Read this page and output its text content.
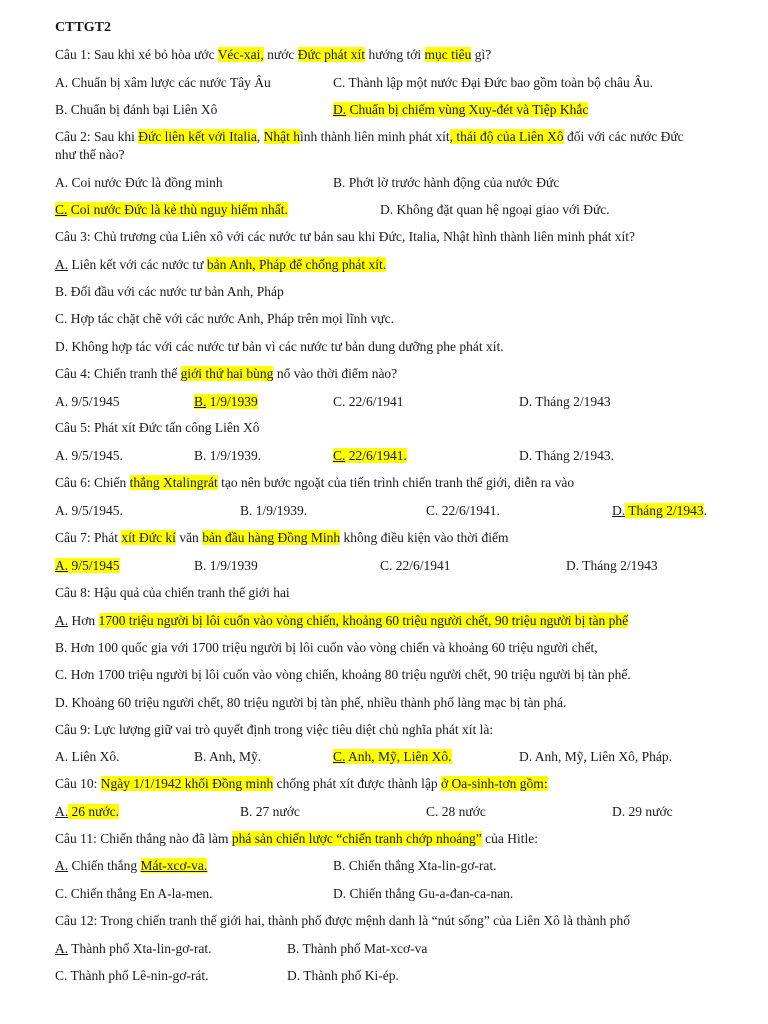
CTTGT2
Câu 1: Sau khi xé bỏ hòa ước Véc-xai, nước Đức phát xít hướng tới mục tiêu gì?
A. Chuẩn bị xâm lược các nước Tây Âu	C. Thành lập một nước Đại Đức bao gồm toàn bộ châu Âu.
B. Chuẩn bị đánh bại Liên Xô	D. Chuẩn bị chiếm vùng Xuy-đét và Tiệp Khắc
Câu 2: Sau khi Đức liên kết với Italia, Nhật hình thành liên minh phát xít, thái độ của Liên Xô đối với các nước Đức
như thế nào?
A. Coi nước Đức là đồng minh	B. Phớt lờ trước hành động của nước Đức
C. Coi nước Đức là kẻ thù nguy hiểm nhất.	D. Không đặt quan hệ ngoại giao với Đức.
Câu 3: Chủ trương của Liên xô với các nước tư bản sau khi Đức, Italia, Nhật hình thành liên minh phát xít?
A. Liên kết với các nước tư bản Anh, Pháp để chống phát xít.
B. Đối đầu với các nước tư bản Anh, Pháp
C. Hợp tác chặt chẽ với các nước Anh, Pháp trên mọi lĩnh vực.
D. Không hợp tác với các nước tư bản vì các nước tư bản dung dưỡng phe phát xít.
Câu 4: Chiến tranh thế giới thứ hai bùng nổ vào thời điểm nào?
A. 9/5/1945	B. 1/9/1939	C. 22/6/1941	D. Tháng 2/1943
Câu 5: Phát xít Đức tấn công Liên Xô
A. 9/5/1945.	B. 1/9/1939.	C. 22/6/1941.	D. Tháng 2/1943.
Câu 6: Chiến thắng Xtalingrát tạo nên bước ngoặt của tiến trình chiến tranh thế giới, diễn ra vào
A. 9/5/1945.	B. 1/9/1939.	C. 22/6/1941.	D. Tháng 2/1943.
Câu 7: Phát xít Đức kí văn bản đầu hàng Đồng Minh không điều kiện vào thời điểm
A. 9/5/1945	B. 1/9/1939	C. 22/6/1941	D. Tháng 2/1943
Câu 8: Hậu quả của chiến tranh thế giới hai
A. Hơn 1700 triệu người bị lôi cuốn vào vòng chiến, khoảng 60 triệu người chết, 90 triệu người bị tàn phế
B. Hơn 100 quốc gia với 1700 triệu người bị lôi cuốn vào vòng chiến và khoảng 60 triệu người chết,
C. Hơn 1700 triệu người bị lôi cuốn vào vòng chiến, khoảng 80 triệu người chết, 90 triệu người bị tàn phế.
D. Khoảng 60 triệu người chết, 80 triệu người bị tàn phế, nhiều thành phố làng mạc bị tàn phá.
Câu 9: Lực lượng giữ vai trò quyết định trong việc tiêu diệt chủ nghĩa phát xít là:
A. Liên Xô.	B. Anh, Mỹ.	C. Anh, Mỹ, Liên Xô.	D. Anh, Mỹ, Liên Xô, Pháp.
Câu 10: Ngày 1/1/1942 khối Đồng minh chống phát xít được thành lập ở Oa-sinh-tơn gồm:
A. 26 nước.	B. 27 nước	C. 28 nước	D. 29 nước
Câu 11: Chiến thắng nào đã làm phá sản chiến lược “chiến tranh chớp nhoáng” của Hitle:
A. Chiến thắng Mát-xcơ-va.	B. Chiến thắng Xta-lin-gơ-rat.
C. Chiến thắng En A-la-men.	D. Chiến thắng Gu-a-đan-ca-nan.
Câu 12: Trong chiến tranh thế giới hai, thành phố được mệnh danh là “nút sống” của Liên Xô là thành phố
A. Thành phố Xta-lin-gơ-rat.	B. Thành phố Mat-xcơ-va
C. Thành phố Lê-nin-gơ-rát.	D. Thành phố Ki-ép.
